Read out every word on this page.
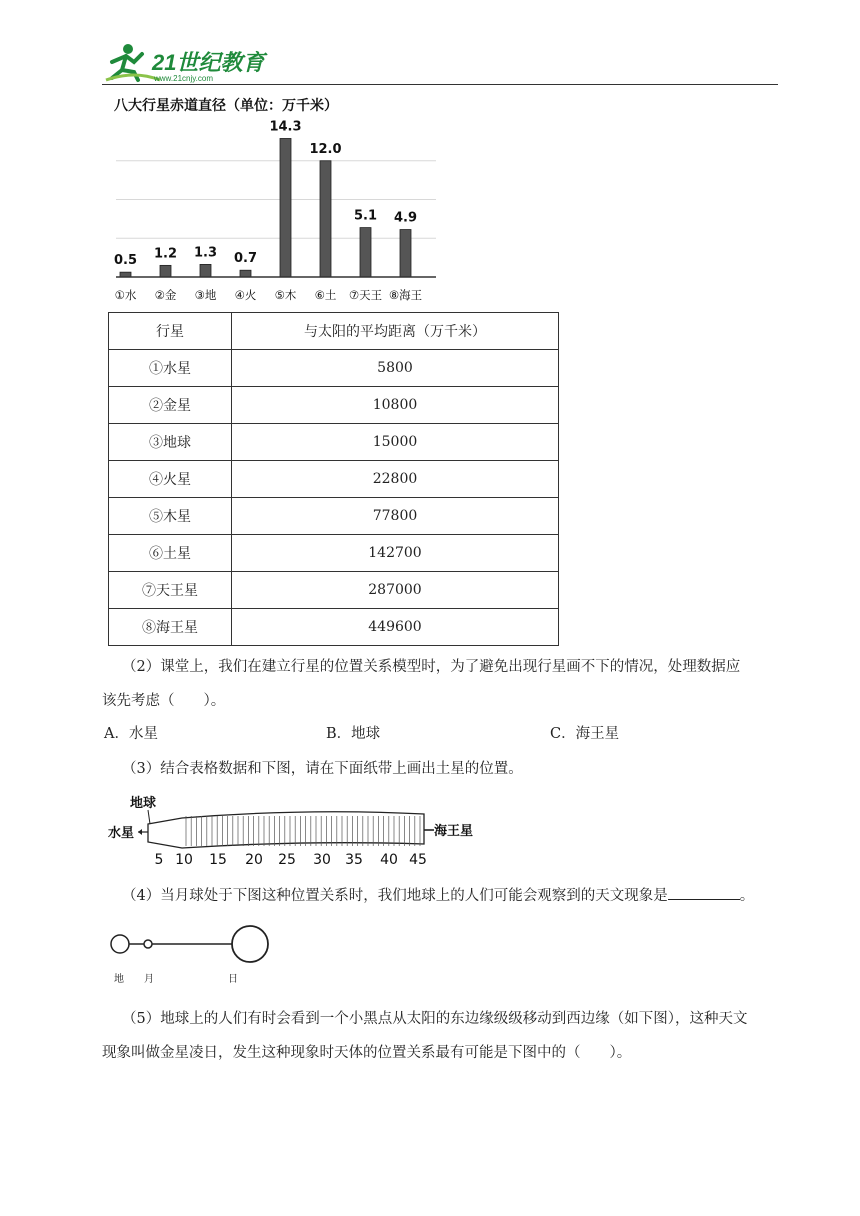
21世纪教育
www.21cnjy.com
八大行星赤道直径（单位：万千米）
0.5 1.2 1.3 0.7
14.3
12.0
5.1 4.9
①水 ②金 ③地 ④火 ⑤木 ⑥土 ⑦天王 ⑧海王
行星	与太阳的平均距离（万千米）
①水星	5800
②金星	10800
③地球	15000
④火星	22800
⑤木星	77800
⑥土星	142700
⑦天王星	287000
⑧海王星	449600
（2）课堂上，我们在建立行星的位置关系模型时，为了避免出现行星画不下的情况，处理数据应
该先考虑（　　）。
A．水星	B．地球	C．海王星
（3）结合表格数据和下图，请在下面纸带上画出土星的位置。
地球
水星	海王星
5 10 15 20 25 30 35 40 45
（4）当月球处于下图这种位置关系时，我们地球上的人们可能会观察到的天文现象是	。
地 月	日
（5）地球上的人们有时会看到一个小黑点从太阳的东边缘级级移动到西边缘（如下图），这种天文
现象叫做金星凌日，发生这种现象时天体的位置关系最有可能是下图中的（　　）。
